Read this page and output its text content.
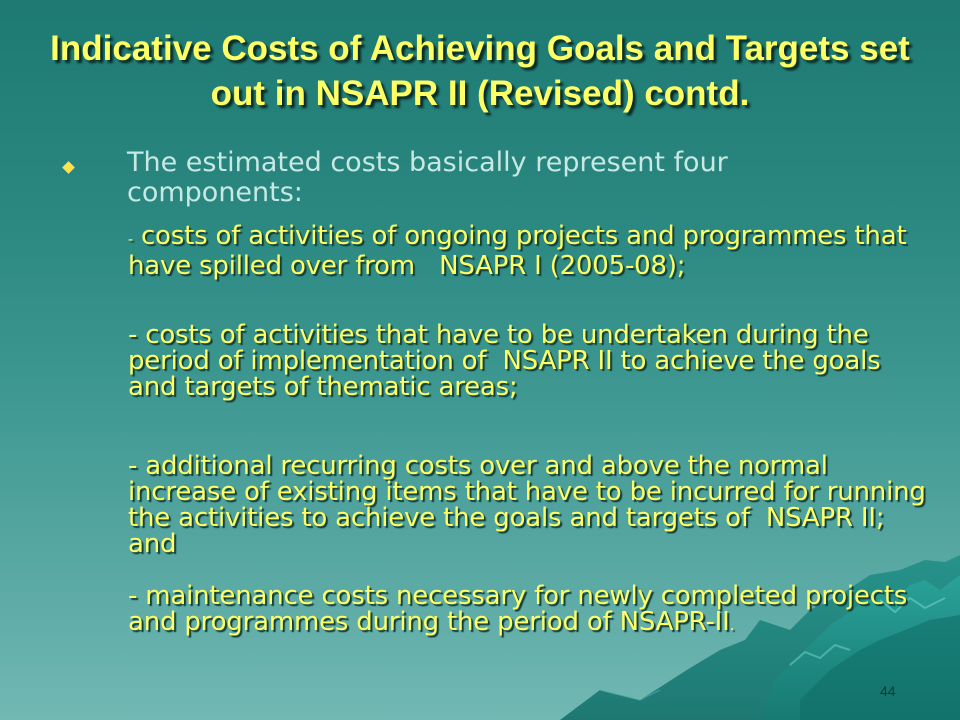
Indicative Costs of Achieving Goals and Targets set out in NSAPR II (Revised) contd.

The estimated costs basically represent four components:

- costs of activities of ongoing projects and programmes that have spilled over from   NSAPR I (2005-08);

- costs of activities that have to be undertaken during the period of implementation of  NSAPR II to achieve the goals and targets of thematic areas;

- additional recurring costs over and above the normal increase of existing items that have to be incurred for running the activities to achieve the goals and targets of  NSAPR II; and

- maintenance costs necessary for newly completed projects and programmes during the period of NSAPR-II.

44
